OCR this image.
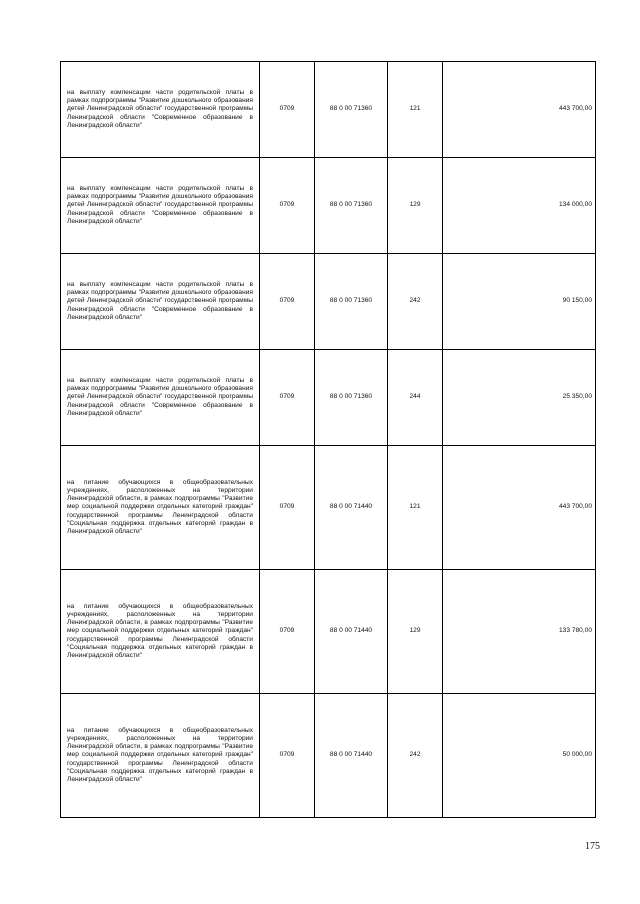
на выплату компенсации части родительской платы в рамках подпрограммы "Развитие дошкольного образования детей Ленинградской области" государственной программы Ленинградской области "Современное образование в Ленинградской области"	0709	88 0 00 71360	121	443 700,00
на выплату компенсации части родительской платы в рамках подпрограммы "Развитие дошкольного образования детей Ленинградской области" государственной программы Ленинградской области "Современное образование в Ленинградской области"	0709	88 0 00 71360	129	134 000,00
на выплату компенсации части родительской платы в рамках подпрограммы "Развитие дошкольного образования детей Ленинградской области" государственной программы Ленинградской области "Современное образование в Ленинградской области"	0709	88 0 00 71360	242	90 150,00
на выплату компенсации части родительской платы в рамках подпрограммы "Развитие дошкольного образования детей Ленинградской области" государственной программы Ленинградской области "Современное образование в Ленинградской области"	0709	88 0 00 71360	244	25 350,00
на питание обучающихся в общеобразовательных учреждениях, расположенных на территории Ленинградской области, в рамках подпрограммы "Развитие мер социальной поддержки отдельных категорий граждан" государственной программы Ленинградской области "Социальная поддержка отдельных категорий граждан в Ленинградской области"	0709	88 0 00 71440	121	443 700,00
на питание обучающихся в общеобразовательных учреждениях, расположенных на территории Ленинградской области, в рамках подпрограммы "Развитие мер социальной поддержки отдельных категорий граждан" государственной программы Ленинградской области "Социальная поддержка отдельных категорий граждан в Ленинградской области"	0709	88 0 00 71440	129	133 780,00
на питание обучающихся в общеобразовательных учреждениях, расположенных на территории Ленинградской области, в рамках подпрограммы "Развитие мер социальной поддержки отдельных категорий граждан" государственной программы Ленинградской области "Социальная поддержка отдельных категорий граждан в Ленинградской области"	0709	88 0 00 71440	242	50 000,00
175
